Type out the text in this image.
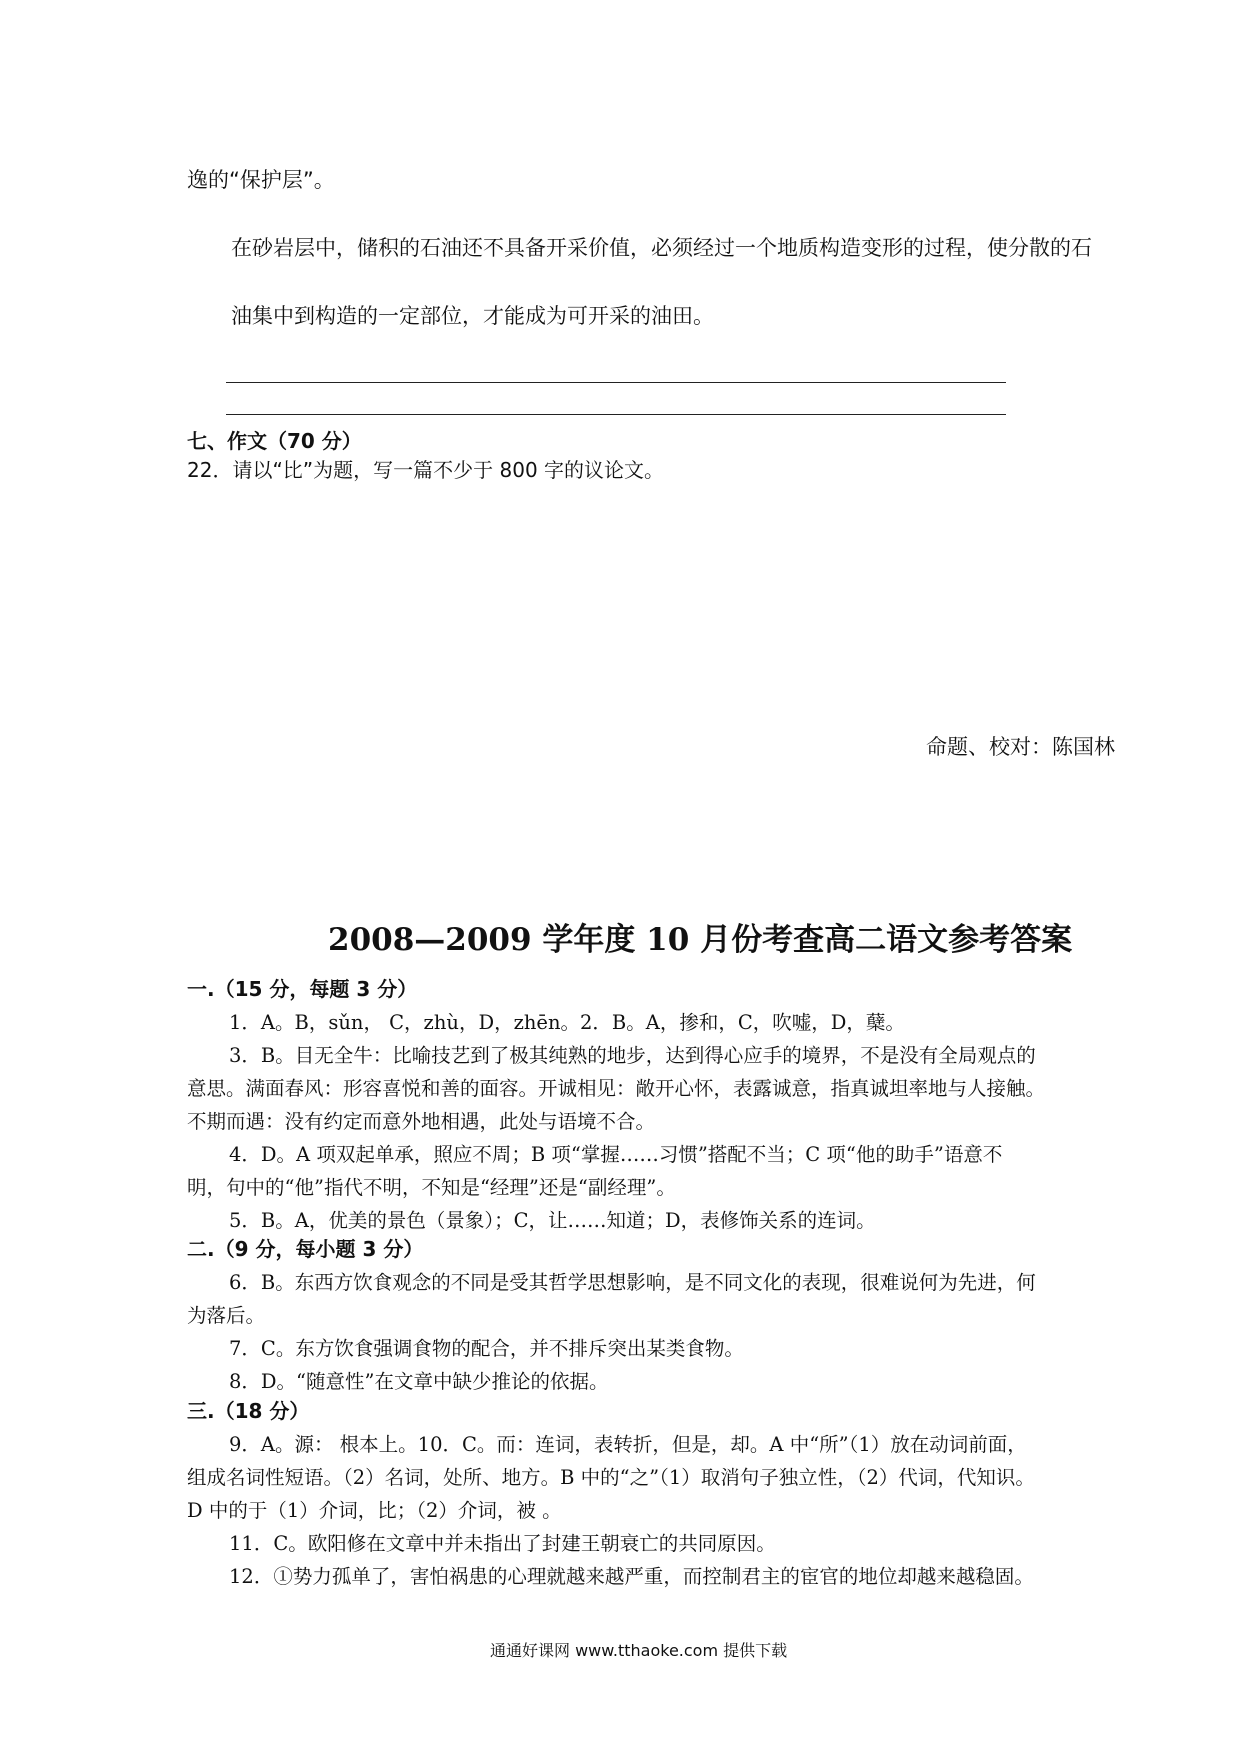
逸的“保护层”。
在砂岩层中，储积的石油还不具备开采价值，必须经过一个地质构造变形的过程，使分散的石
油集中到构造的一定部位，才能成为可开采的油田。
七、作文（70 分）
22．请以“比”为题，写一篇不少于 800 字的议论文。
命题、校对：陈国林
2008—2009 学年度 10 月份考查高二语文参考答案
一.（15 分，每题 3 分）
1．A。B，sǔn， C，zhù，D，zhēn。2．B。A，掺和，C，吹嘘，D，蘖。
3．B。目无全牛：比喻技艺到了极其纯熟的地步，达到得心应手的境界，不是没有全局观点的
意思。满面春风：形容喜悦和善的面容。开诚相见：敞开心怀，表露诚意，指真诚坦率地与人接触。
不期而遇：没有约定而意外地相遇，此处与语境不合。
4．D。A 项双起单承，照应不周；B 项“掌握……习惯”搭配不当；C 项“他的助手”语意不
明，句中的“他”指代不明，不知是“经理”还是“副经理”。
5．B。A，优美的景色（景象）；C，让……知道；D，表修饰关系的连词。
二.（9 分，每小题 3 分）
6．B。东西方饮食观念的不同是受其哲学思想影响，是不同文化的表现，很难说何为先进，何
为落后。
7．C。东方饮食强调食物的配合，并不排斥突出某类食物。
8．D。“随意性”在文章中缺少推论的依据。
三.（18 分）
9．A。源： 根本上。10．C。而：连词，表转折，但是，却。A 中“所”（1）放在动词前面，
组成名词性短语。（2）名词，处所、地方。B 中的“之”（1）取消句子独立性，（2）代词，代知识。
D 中的于（1）介词，比；（2）介词，被 。
11．C。欧阳修在文章中并未指出了封建王朝衰亡的共同原因。
12．①势力孤单了，害怕祸患的心理就越来越严重，而控制君主的宦官的地位却越来越稳固。
通通好课网 www.tthaoke.com 提供下载
